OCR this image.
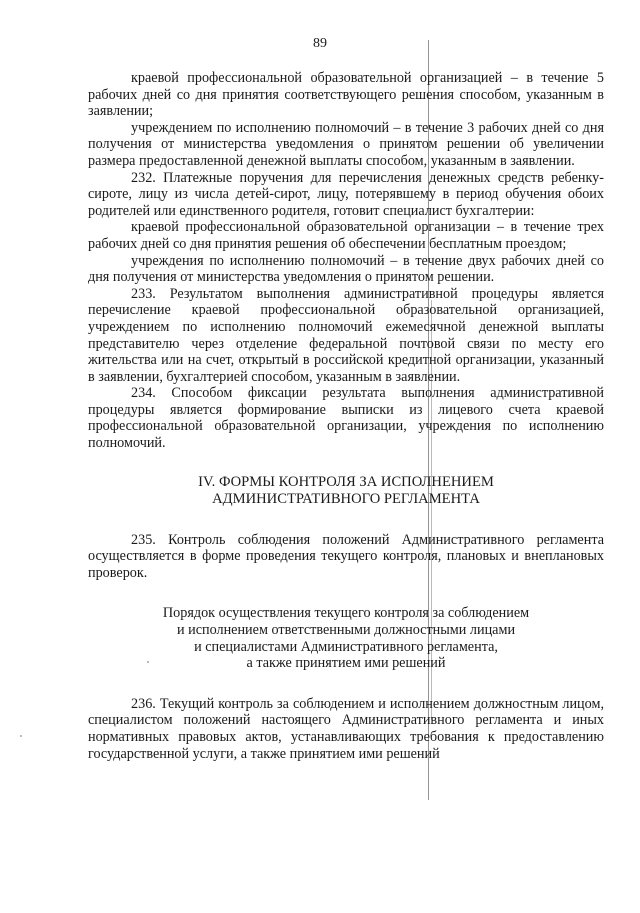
89

краевой профессиональной образовательной организацией – в течение 5 рабочих дней со дня принятия соответствующего решения способом, указанным в заявлении;

учреждением по исполнению полномочий – в течение 3 рабочих дней со дня получения от министерства уведомления о принятом решении об увеличении размера предоставленной денежной выплаты способом, указанным в заявлении.

232. Платежные поручения для перечисления денежных средств ребенку-сироте, лицу из числа детей-сирот, лицу, потерявшему в период обучения обоих родителей или единственного родителя, готовит специалист бухгалтерии:

краевой профессиональной образовательной организации – в течение трех рабочих дней со дня принятия решения об обеспечении бесплатным проездом;

учреждения по исполнению полномочий – в течение двух рабочих дней со дня получения от министерства уведомления о принятом решении.

233. Результатом выполнения административной процедуры является перечисление краевой профессиональной образовательной организацией, учреждением по исполнению полномочий ежемесячной денежной выплаты представителю через отделение федеральной почтовой связи по месту его жительства или на счет, открытый в российской кредитной организации, указанный в заявлении, бухгалтерией способом, указанным в заявлении.

234. Способом фиксации результата выполнения административной процедуры является формирование выписки из лицевого счета краевой профессиональной образовательной организации, учреждения по исполнению полномочий.

IV. ФОРМЫ КОНТРОЛЯ ЗА ИСПОЛНЕНИЕМ
АДМИНИСТРАТИВНОГО РЕГЛАМЕНТА

235. Контроль соблюдения положений Административного регламента осуществляется в форме проведения текущего контроля, плановых и внеплановых проверок.

Порядок осуществления текущего контроля за соблюдением
и исполнением ответственными должностными лицами
и специалистами Административного регламента,
а также принятием ими решений

236. Текущий контроль за соблюдением и исполнением должностным лицом, специалистом положений настоящего Административного регламента и иных нормативных правовых актов, устанавливающих требования к предоставлению государственной услуги, а также принятием ими решений
